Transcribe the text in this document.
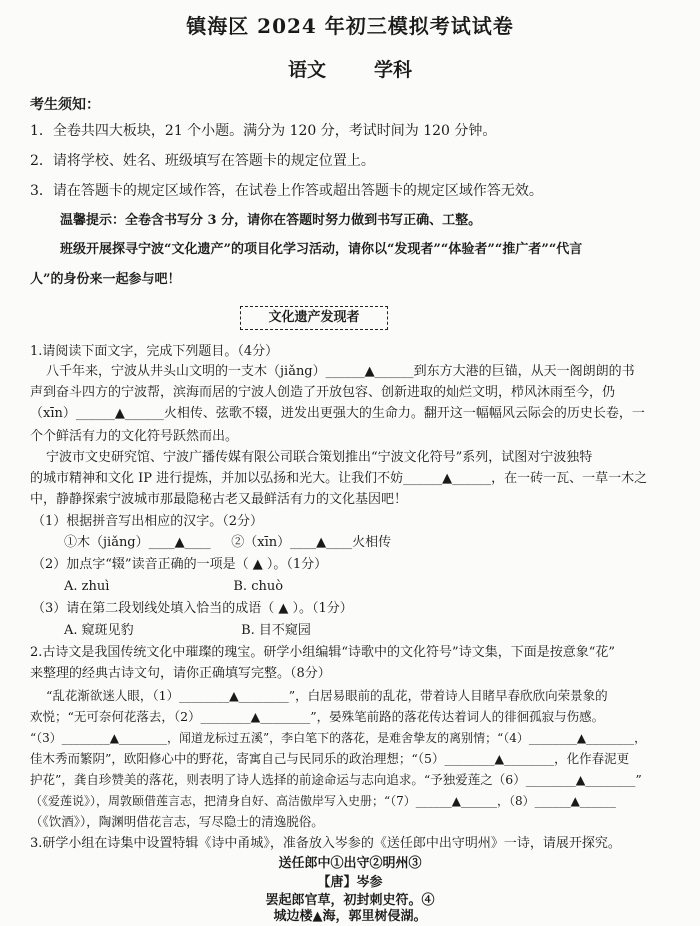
镇海区 2024 年初三模拟考试试卷
语文	学科
考生须知：
1．全卷共四大板块，21 个小题。满分为 120 分，考试时间为 120 分钟。
2．请将学校、姓名、班级填写在答题卡的规定位置上。
3．请在答题卡的规定区域作答，在试卷上作答或超出答题卡的规定区域作答无效。
温馨提示：全卷含书写分 3 分，请你在答题时努力做到书写正确、工整。
班级开展探寻宁波“文化遗产”的项目化学习活动，请你以“发现者”“体验者”“推广者”“代言
人”的身份来一起参与吧！
文化遗产发现者
1.请阅读下面文字，完成下列题目。（4分）
八千年来，宁波从井头山文明的一支木（jiǎng）______▲______到东方大港的巨锚，从天一阁朗朗的书
声到奋斗四方的宁波帮，滨海而居的宁波人创造了开放包容、创新进取的灿烂文明，栉风沐雨至今，仍
（xīn）______▲______火相传、弦歌不辍，迸发出更强大的生命力。翻开这一幅幅风云际会的历史长卷，一
个个鲜活有力的文化符号跃然而出。
宁波市文史研究馆、宁波广播传媒有限公司联合策划推出“宁波文化符号”系列，试图对宁波独特
的城市精神和文化 IP 进行提炼，并加以弘扬和光大。让我们不妨______▲______，在一砖一瓦、一草一木之
中，静静探索宁波城市那最隐秘古老又最鲜活有力的文化基因吧！
（1）根据拼音写出相应的汉字。（2分）
①木（jiǎng）____▲____     ②（xīn）____▲____火相传
（2）加点字“辍”读音正确的一项是（ ▲ ）。（1分）
A. zhuì                              B. chuò
（3）请在第二段划线处填入恰当的成语（ ▲ ）。（1分）
A. 窥斑见豹                          B. 目不窥园
2.古诗文是我国传统文化中璀璨的瑰宝。研学小组编辑“诗歌中的文化符号”诗文集，下面是按意象“花”
来整理的经典古诗文句，请你正确填写完整。（8分）
“乱花渐欲迷人眼，（1）________▲________”，白居易眼前的乱花，带着诗人目睹早春欣欣向荣景象的
欢悦；“无可奈何花落去，（2）________▲________”，晏殊笔前路的落花传达着词人的徘徊孤寂与伤感。
“（3）________▲________，闻道龙标过五溪”，李白笔下的落花，是难舍挚友的离别情；“（4）________▲________，
佳木秀而繁阴”，欧阳修心中的野花，寄寓自己与民同乐的政治理想；“（5）________▲________，化作春泥更
护花”，龚自珍赞美的落花，则表明了诗人选择的前途命运与志向追求。“予独爱莲之（6）________▲________”
（《爱莲说》），周敦颐借莲言志，把清身自好、高洁傲岸写入史册；“（7）______▲______，（8）______▲______
（《饮酒》），陶渊明借花言志，写尽隐士的清逸脱俗。
3.研学小组在诗集中设置特辑《诗中甬城》，准备放入岑参的《送任郎中出守明州》一诗，请展开探究。
送任郎中①出守②明州③
【唐】岑参
罢起郎官草，初封刺史符。④
城边楼▲海，郭里树侵湖。
